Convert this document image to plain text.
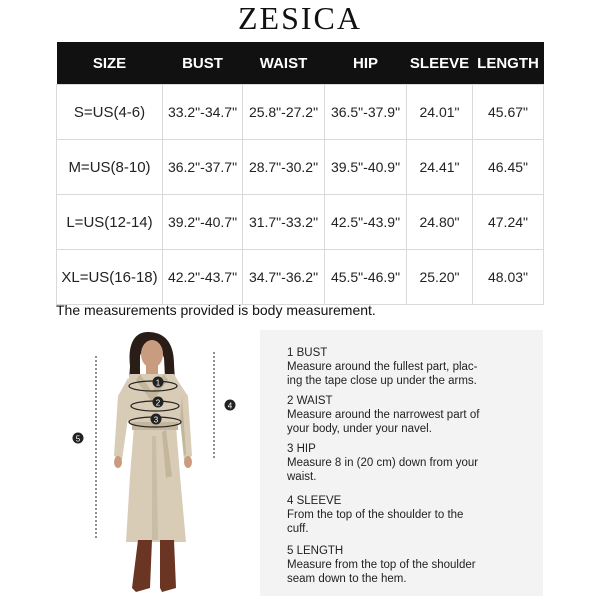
ZESICA
SIZE	BUST	WAIST	HIP	SLEEVE	LENGTH
S=US(4-6)	33.2"-34.7"	25.8"-27.2"	36.5"-37.9"	24.01"	45.67"
M=US(8-10)	36.2"-37.7"	28.7"-30.2"	39.5"-40.9"	24.41"	46.45"
L=US(12-14)	39.2"-40.7"	31.7"-33.2"	42.5"-43.9"	24.80"	47.24"
XL=US(16-18)	42.2"-43.7"	34.7"-36.2"	45.5"-46.9"	25.20"	48.03"
The measurements provided is body measurement.
1
2
3
4
5
1 BUST
Measure around the fullest part, plac-
ing the tape close up under the arms.
2 WAIST
Measure around the narrowest part of
your body, under your navel.
3 HIP
Measure 8 in (20 cm) down from your
waist.
4 SLEEVE
From the top of the shoulder to the
cuff.
5 LENGTH
Measure from the top of the shoulder
seam down to the hem.
